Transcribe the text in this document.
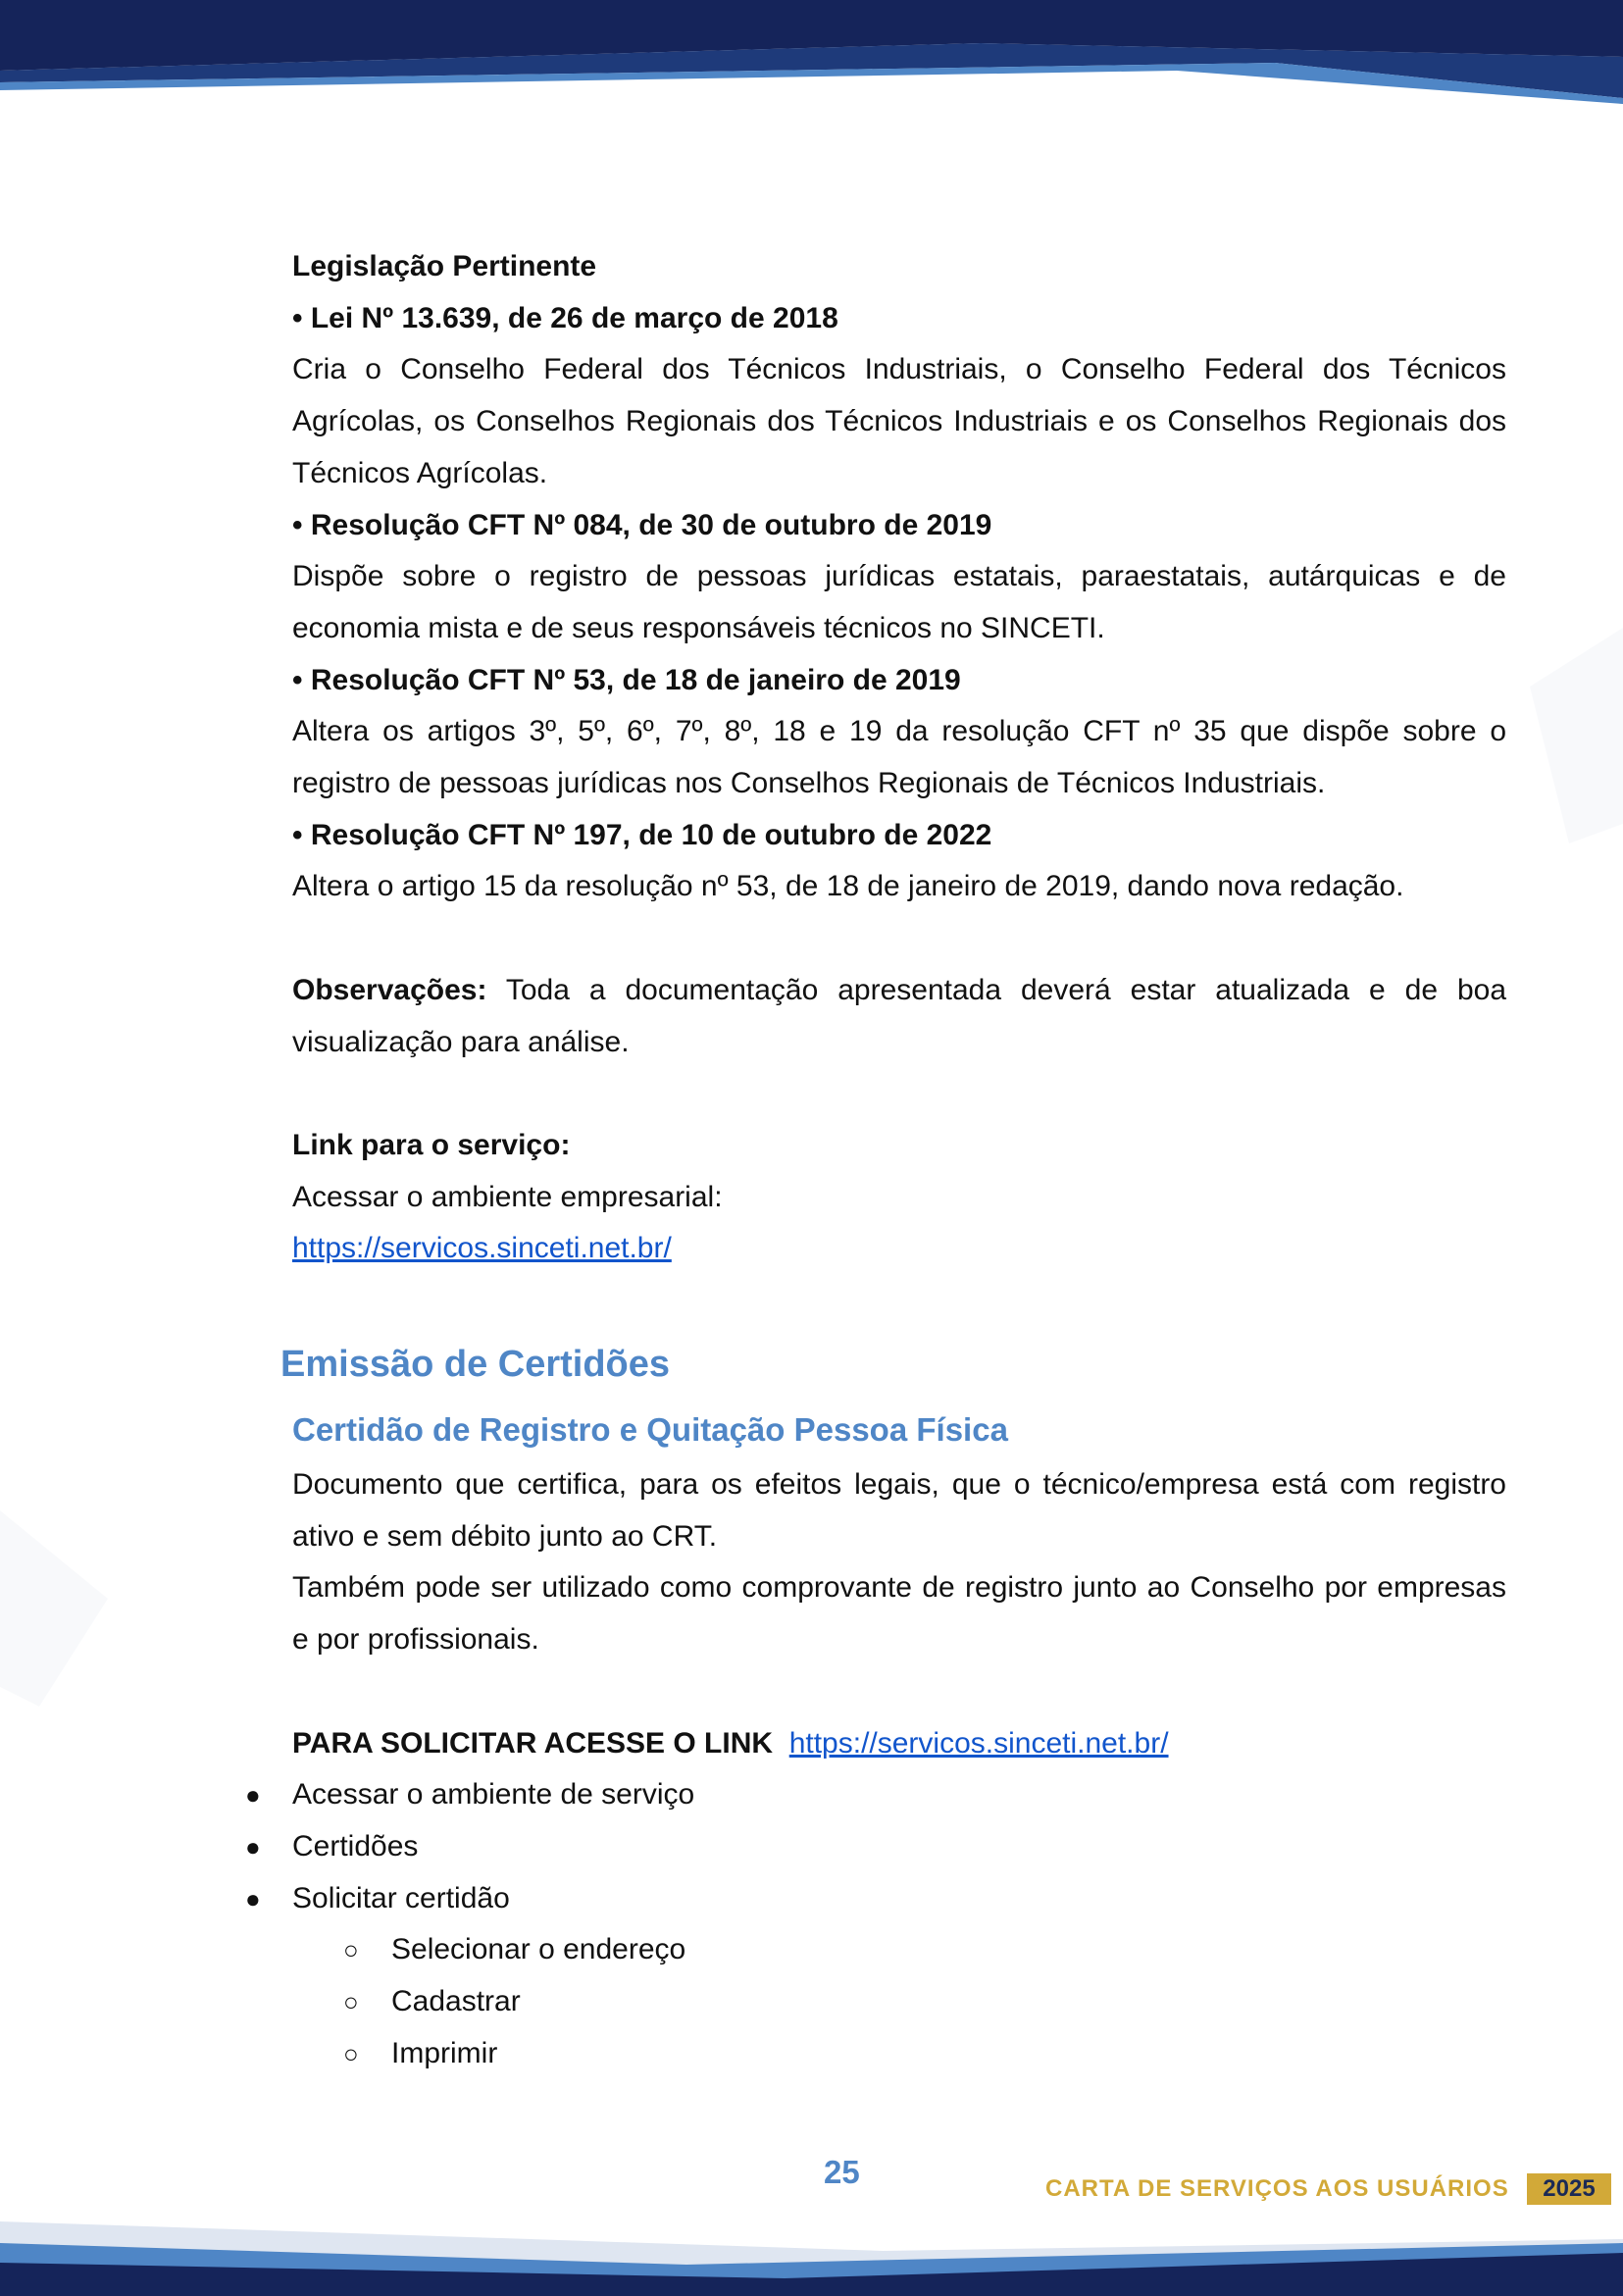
Legislação Pertinente

• Lei Nº 13.639, de 26 de março de 2018

Cria o Conselho Federal dos Técnicos Industriais, o Conselho Federal dos Técnicos Agrícolas, os Conselhos Regionais dos Técnicos Industriais e os Conselhos Regionais dos Técnicos Agrícolas.

• Resolução CFT Nº 084, de 30 de outubro de 2019

Dispõe sobre o registro de pessoas jurídicas estatais, paraestatais, autárquicas e de economia mista e de seus responsáveis técnicos no SINCETI.

• Resolução CFT Nº 53, de 18 de janeiro de 2019

Altera os artigos 3º, 5º, 6º, 7º, 8º, 18 e 19 da resolução CFT nº 35 que dispõe sobre o registro de pessoas jurídicas nos Conselhos Regionais de Técnicos Industriais.

• Resolução CFT Nº 197, de 10 de outubro de 2022

Altera o artigo 15 da resolução nº 53, de 18 de janeiro de 2019, dando nova redação.

Observações: Toda a documentação apresentada deverá estar atualizada e de boa visualização para análise.

Link para o serviço:

Acessar o ambiente empresarial:

https://servicos.sinceti.net.br/

Emissão de Certidões
Certidão de Registro e Quitação Pessoa Física

Documento que certifica, para os efeitos legais, que o técnico/empresa está com registro ativo e sem débito junto ao CRT.

Também pode ser utilizado como comprovante de registro junto ao Conselho por empresas e por profissionais.

PARA SOLICITAR ACESSE O LINK https://servicos.sinceti.net.br/

● Acessar o ambiente de serviço
● Certidões
● Solicitar certidão
○ Selecionar o endereço
○ Cadastrar
○ Imprimir
25	CARTA DE SERVIÇOS AOS USUÁRIOS	2025
